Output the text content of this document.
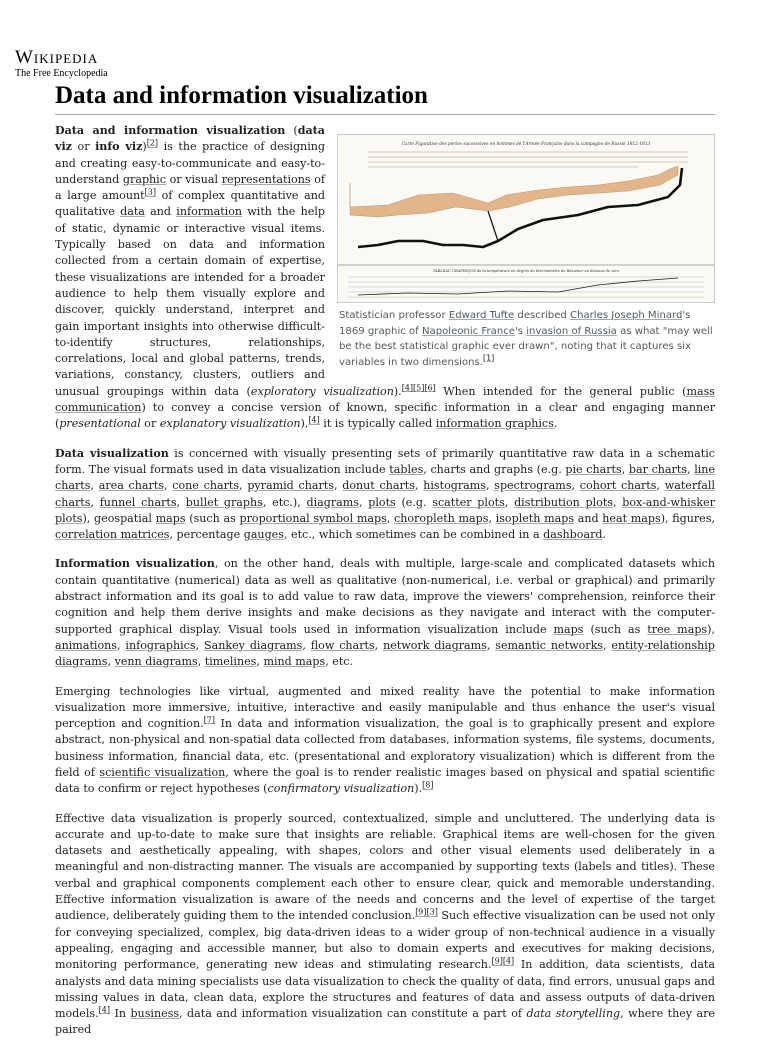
Wikipedia
The Free Encyclopedia
Data and information visualization
Carte Figurative des pertes successives en hommes de l'Armée Française dans la campagne de Russie 1812-1813
TABLEAU GRAPHIQUE de la température en degrés du thermomètre de Réaumur au dessous de zéro
Statistician professor Edward Tufte described Charles Joseph Minard's 1869 graphic of Napoleonic France's invasion of Russia as what "may well be the best statistical graphic ever drawn", noting that it captures six variables in two dimensions.[1]

Data and information visualization (data viz or info viz)[2] is the practice of designing and creating easy-to-communicate and easy-to-understand graphic or visual representations of a large amount[3] of complex quantitative and qualitative data and information with the help of static, dynamic or interactive visual items. Typically based on data and information collected from a certain domain of expertise, these visualizations are intended for a broader audience to help them visually explore and discover, quickly understand, interpret and gain important insights into otherwise difficult-to-identify structures, relationships, correlations, local and global patterns, trends, variations, constancy, clusters, outliers and unusual groupings within data (exploratory visualization).[4][5][6] When intended for the general public (mass communication) to convey a concise version of known, specific information in a clear and engaging manner (presentational or explanatory visualization),[4] it is typically called information graphics.

Data visualization is concerned with visually presenting sets of primarily quantitative raw data in a schematic form. The visual formats used in data visualization include tables, charts and graphs (e.g. pie charts, bar charts, line charts, area charts, cone charts, pyramid charts, donut charts, histograms, spectrograms, cohort charts, waterfall charts, funnel charts, bullet graphs, etc.), diagrams, plots (e.g. scatter plots, distribution plots, box-and-whisker plots), geospatial maps (such as proportional symbol maps, choropleth maps, isopleth maps and heat maps), figures, correlation matrices, percentage gauges, etc., which sometimes can be combined in a dashboard.

Information visualization, on the other hand, deals with multiple, large-scale and complicated datasets which contain quantitative (numerical) data as well as qualitative (non-numerical, i.e. verbal or graphical) and primarily abstract information and its goal is to add value to raw data, improve the viewers' comprehension, reinforce their cognition and help them derive insights and make decisions as they navigate and interact with the computer-supported graphical display. Visual tools used in information visualization include maps (such as tree maps), animations, infographics, Sankey diagrams, flow charts, network diagrams, semantic networks, entity-relationship diagrams, venn diagrams, timelines, mind maps, etc.

Emerging technologies like virtual, augmented and mixed reality have the potential to make information visualization more immersive, intuitive, interactive and easily manipulable and thus enhance the user's visual perception and cognition.[7] In data and information visualization, the goal is to graphically present and explore abstract, non-physical and non-spatial data collected from databases, information systems, file systems, documents, business information, financial data, etc. (presentational and exploratory visualization) which is different from the field of scientific visualization, where the goal is to render realistic images based on physical and spatial scientific data to confirm or reject hypotheses (confirmatory visualization).[8]

Effective data visualization is properly sourced, contextualized, simple and uncluttered. The underlying data is accurate and up-to-date to make sure that insights are reliable. Graphical items are well-chosen for the given datasets and aesthetically appealing, with shapes, colors and other visual elements used deliberately in a meaningful and non-distracting manner. The visuals are accompanied by supporting texts (labels and titles). These verbal and graphical components complement each other to ensure clear, quick and memorable understanding. Effective information visualization is aware of the needs and concerns and the level of expertise of the target audience, deliberately guiding them to the intended conclusion.[9][3] Such effective visualization can be used not only for conveying specialized, complex, big data-driven ideas to a wider group of non-technical audience in a visually appealing, engaging and accessible manner, but also to domain experts and executives for making decisions, monitoring performance, generating new ideas and stimulating research.[9][4] In addition, data scientists, data analysts and data mining specialists use data visualization to check the quality of data, find errors, unusual gaps and missing values in data, clean data, explore the structures and features of data and assess outputs of data-driven models.[4] In business, data and information visualization can constitute a part of data storytelling, where they are paired
